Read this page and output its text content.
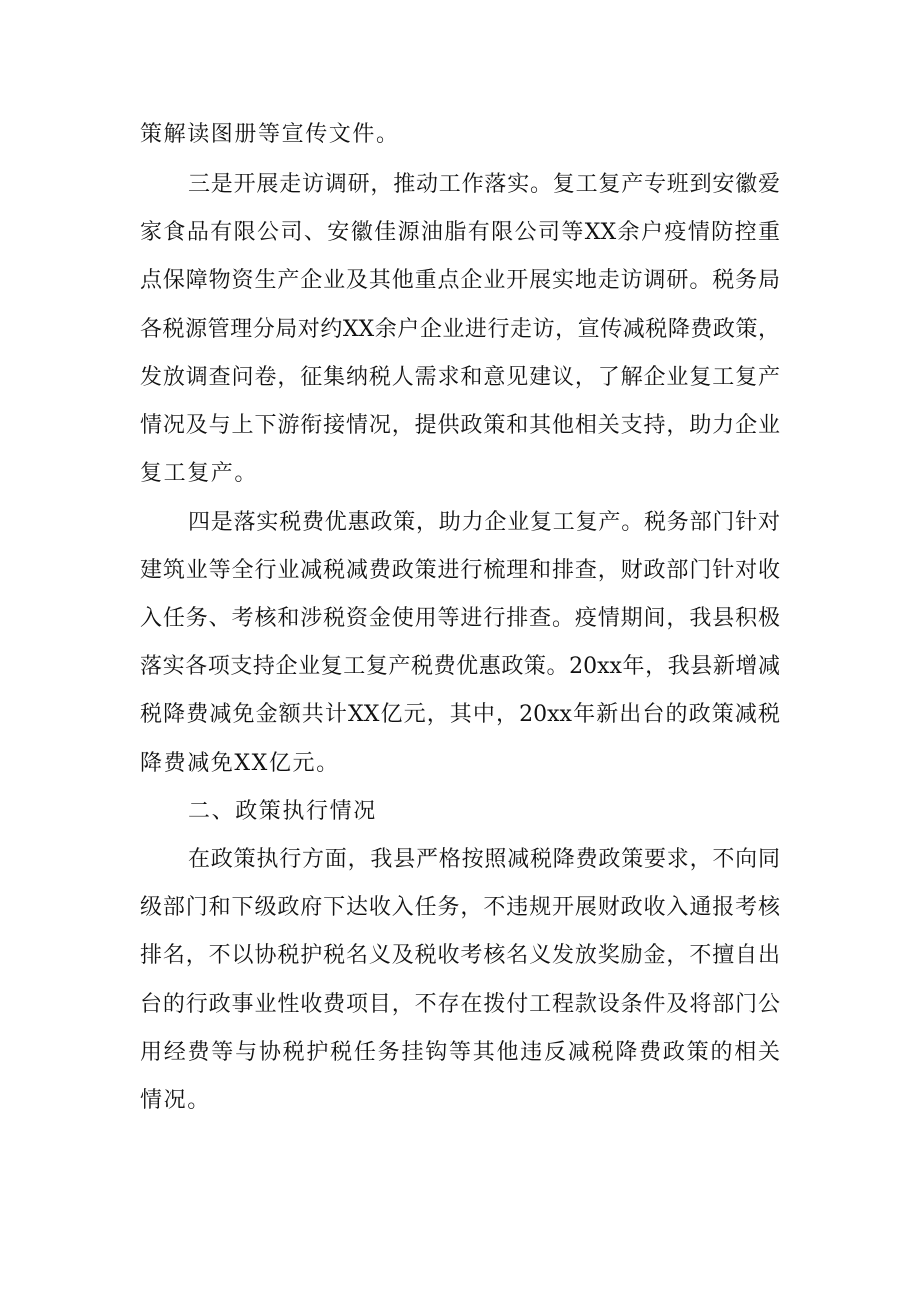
策解读图册等宣传文件。
三是开展走访调研，推动工作落实。复工复产专班到安徽爱
家食品有限公司、安徽佳源油脂有限公司等XX余户疫情防控重
点保障物资生产企业及其他重点企业开展实地走访调研。税务局
各税源管理分局对约XX余户企业进行走访，宣传减税降费政策，
发放调查问卷，征集纳税人需求和意见建议，了解企业复工复产
情况及与上下游衔接情况，提供政策和其他相关支持，助力企业
复工复产。
四是落实税费优惠政策，助力企业复工复产。税务部门针对
建筑业等全行业减税减费政策进行梳理和排查，财政部门针对收
入任务、考核和涉税资金使用等进行排查。疫情期间，我县积极
落实各项支持企业复工复产税费优惠政策。20xx年，我县新增减
税降费减免金额共计XX亿元，其中，20xx年新出台的政策减税
降费减免XX亿元。
二、政策执行情况
在政策执行方面，我县严格按照减税降费政策要求，不向同
级部门和下级政府下达收入任务，不违规开展财政收入通报考核
排名，不以协税护税名义及税收考核名义发放奖励金，不擅自出
台的行政事业性收费项目，不存在拨付工程款设条件及将部门公
用经费等与协税护税任务挂钩等其他违反减税降费政策的相关
情况。
